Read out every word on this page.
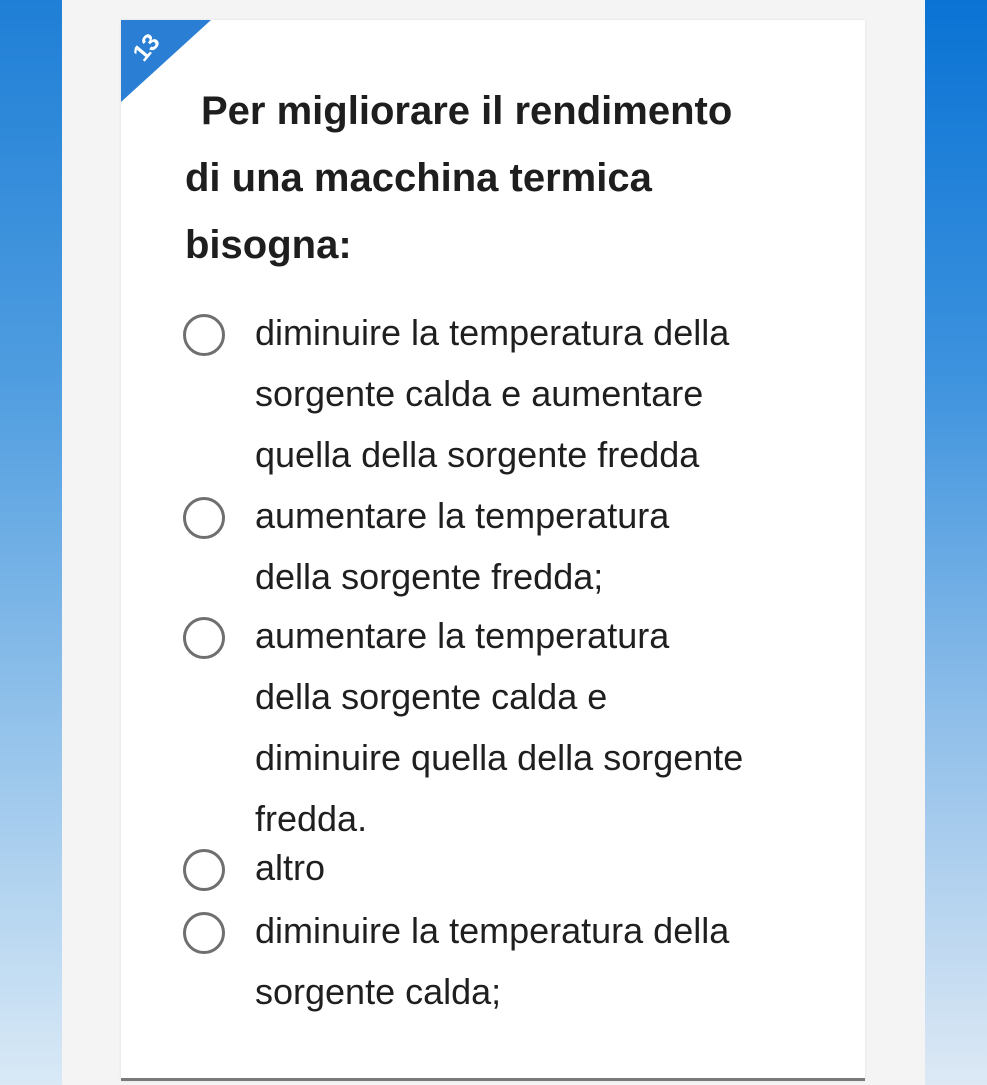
13
Per migliorare il rendimento
di una macchina termica
bisogna:
diminuire la temperatura della
sorgente calda e aumentare
quella della sorgente fredda
aumentare la temperatura
della sorgente fredda;
aumentare la temperatura
della sorgente calda e
diminuire quella della sorgente
fredda.
altro
diminuire la temperatura della
sorgente calda;
